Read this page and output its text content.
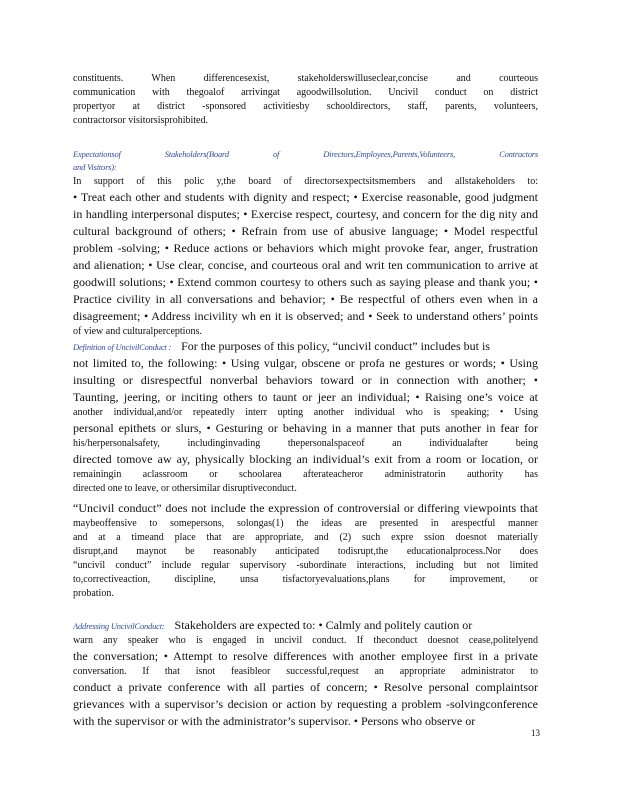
constituents. When differencesexist, stakeholderswilluseclear,concise and courteous
communication with thegoalof arrivingat agoodwillsolution. Uncivil conduct on district
propertyor at district -sponsored activitiesby schooldirectors, staff, parents, volunteers,
contractorsor visitorsisprohibited.
Expectationsof Stakeholders(Board of Directors,Employees,Parents,Volunteers, Contractors
and Visitors):
In support of this polic y,the board of directorsexpectsitsmembers and allstakeholders to:
• Treat each other and students with dignity and respect; • Exercise reasonable, good judgment
in handling interpersonal disputes; • Exercise respect, courtesy, and concern for the dig nity and
cultural background of others; • Refrain from use of abusive language; • Model respectful
problem -solving; • Reduce actions or behaviors which might provoke fear, anger, frustration
and alienation; • Use clear, concise, and courteous oral and writ ten communication to arrive at
goodwill solutions; • Extend common courtesy to others such as saying please and thank you; •
Practice civility in all conversations and behavior; • Be respectful of others even when in a
disagreement; • Address incivility wh en it is observed; and • Seek to understand others’ points
of view and culturalperceptions.
Definition of UncivilConduct : For the purposes of this policy, “uncivil conduct” includes but is
not limited to, the following: • Using vulgar, obscene or profa ne gestures or words; • Using
insulting or disrespectful nonverbal behaviors toward or in connection with another; •
Taunting, jeering, or inciting others to taunt or jeer an individual; • Raising one’s voice at
another individual,and/or repeatedly interr upting another individual who is speaking; • Using
personal epithets or slurs, • Gesturing or behaving in a manner that puts another in fear for
his/herpersonalsafety, includinginvading thepersonalspaceof an individualafter being
directed tomove aw ay, physically blocking an individual’s exit from a room or location, or
remainingin aclassroom or schoolarea afterateacheror administratorin authority has
directed one to leave, or othersimilar disruptiveconduct.
“Uncivil conduct” does not include the expression of controversial or differing viewpoints that
maybeoffensive to somepersons, solongas(1) the ideas are presented in arespectful manner
and at a timeand place that are appropriate, and (2) such expre ssion doesnot materially
disrupt,and maynot be reasonably anticipated todisrupt,the educationalprocess.Nor does
“uncivil conduct” include regular supervisory -subordinate interactions, including but not limited
to,correctiveaction, discipline, unsa tisfactoryevaluations,plans for improvement, or
probation.
Addressing UncivilConduct: Stakeholders are expected to: • Calmly and politely caution or
warn any speaker who is engaged in uncivil conduct. If theconduct doesnot cease,politelyend
the conversation; • Attempt to resolve differences with another employee first in a private
conversation. If that isnot feasibleor successful,request an appropriate administrator to
conduct a private conference with all parties of concern; • Resolve personal complaintsor
grievances with a supervisor’s decision or action by requesting a problem -solvingconference
with the supervisor or with the administrator’s supervisor. • Persons who observe or
13
